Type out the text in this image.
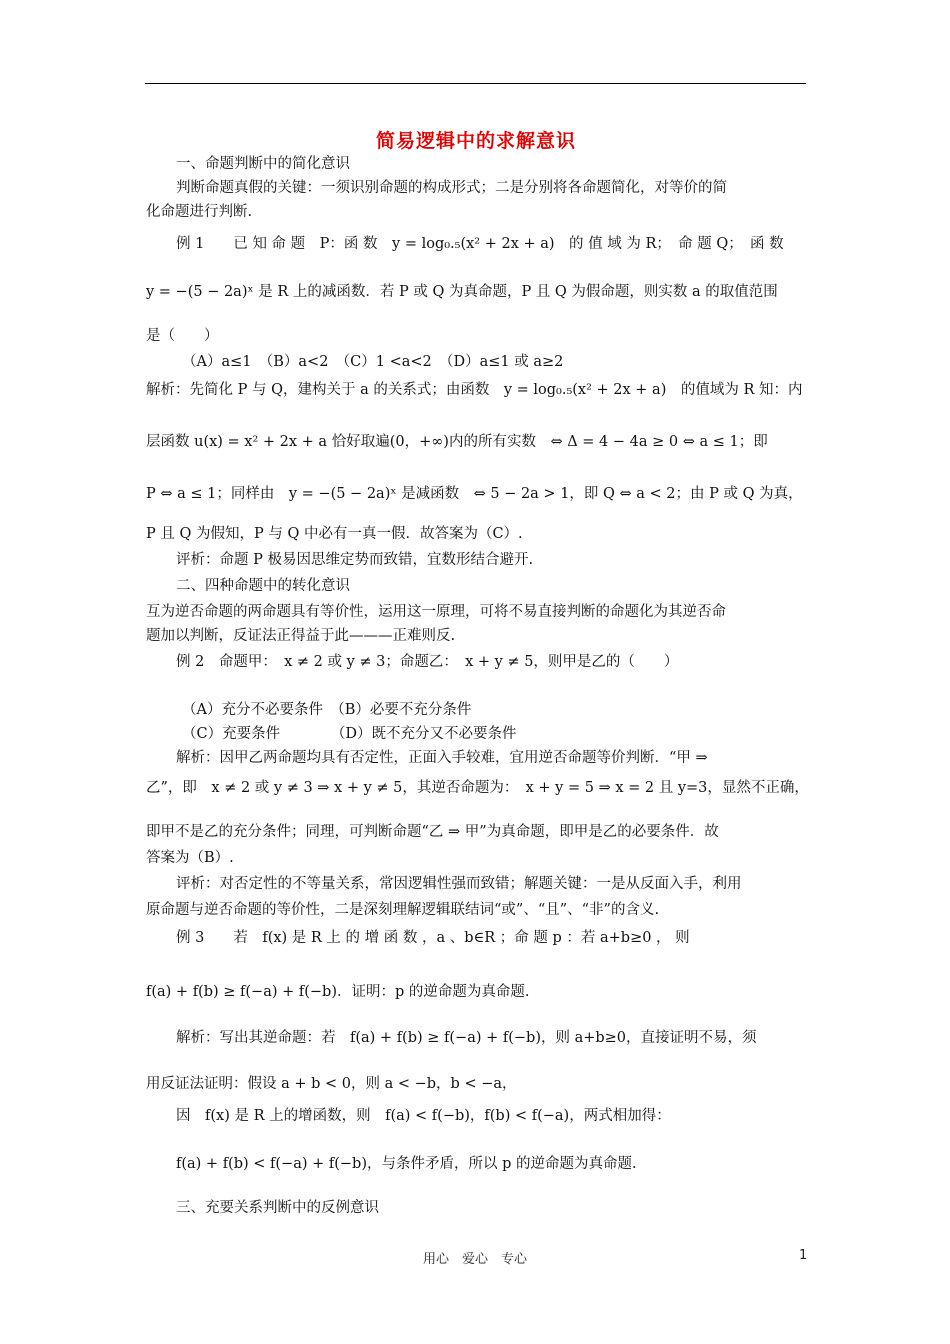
简易逻辑中的求解意识
一、命题判断中的简化意识
判断命题真假的关键：一须识别命题的构成形式；二是分别将各命题简化，对等价的简
化命题进行判断.
例 1　　已 知 命 题　P：函 数　y = log₀.₅(x² + 2x + a)　的 值 域 为 R；　命 题 Q；　函 数
y = −(5 − 2a)ˣ 是 R 上的减函数．若 P 或 Q 为真命题，P 且 Q 为假命题，则实数 a 的取值范围
是（　　）
（A）a≤1　（B）a<2　（C）1 <a<2　（D）a≤1 或 a≥2
解析：先简化 P 与 Q，建构关于 a 的关系式；由函数　y = log₀.₅(x² + 2x + a)　的值域为 R 知：内
层函数 u(x) = x² + 2x + a 恰好取遍(0，+∞)内的所有实数　⇔ Δ = 4 − 4a ≥ 0 ⇔ a ≤ 1；即
P ⇔ a ≤ 1；同样由　y = −(5 − 2a)ˣ 是减函数　⇔ 5 − 2a > 1，即 Q ⇔ a < 2；由 P 或 Q 为真，
P 且 Q 为假知，P 与 Q 中必有一真一假．故答案为（C）.
评析：命题 P 极易因思维定势而致错，宜数形结合避开.
二、四种命题中的转化意识
互为逆否命题的两命题具有等价性，运用这一原理，可将不易直接判断的命题化为其逆否命
题加以判断，反证法正得益于此———正难则反.
例 2　命题甲：　x ≠ 2 或 y ≠ 3；命题乙：　x + y ≠ 5，则甲是乙的（　　）
（A）充分不必要条件　（B）必要不充分条件
（C）充要条件　　　　（D）既不充分又不必要条件
解析：因甲乙两命题均具有否定性，正面入手较难，宜用逆否命题等价判断．“甲 ⇒
乙”，即　x ≠ 2 或 y ≠ 3 ⇒ x + y ≠ 5，其逆否命题为：　x + y = 5 ⇒ x = 2 且 y=3，显然不正确，
即甲不是乙的充分条件；同理，可判断命题“乙 ⇒ 甲”为真命题，即甲是乙的必要条件．故
答案为（B）.
评析：对否定性的不等量关系，常因逻辑性强而致错；解题关键：一是从反面入手，利用
原命题与逆否命题的等价性，二是深刻理解逻辑联结词“或”、“且”、“非”的含义.
例 3　　若　f(x) 是 R 上 的 增 函 数 ，a 、b∈R ；命 题 p ：若 a+b≥0 ， 则
f(a) + f(b) ≥ f(−a) + f(−b)．证明：p 的逆命题为真命题.
解析：写出其逆命题：若　f(a) + f(b) ≥ f(−a) + f(−b)，则 a+b≥0，直接证明不易，须
用反证法证明：假设 a + b < 0，则 a < −b，b < −a，
因　f(x) 是 R 上的增函数，则　f(a) < f(−b)，f(b) < f(−a)，两式相加得：
f(a) + f(b) < f(−a) + f(−b)，与条件矛盾，所以 p 的逆命题为真命题.
三、充要关系判断中的反例意识
用心　爱心　专心	1
